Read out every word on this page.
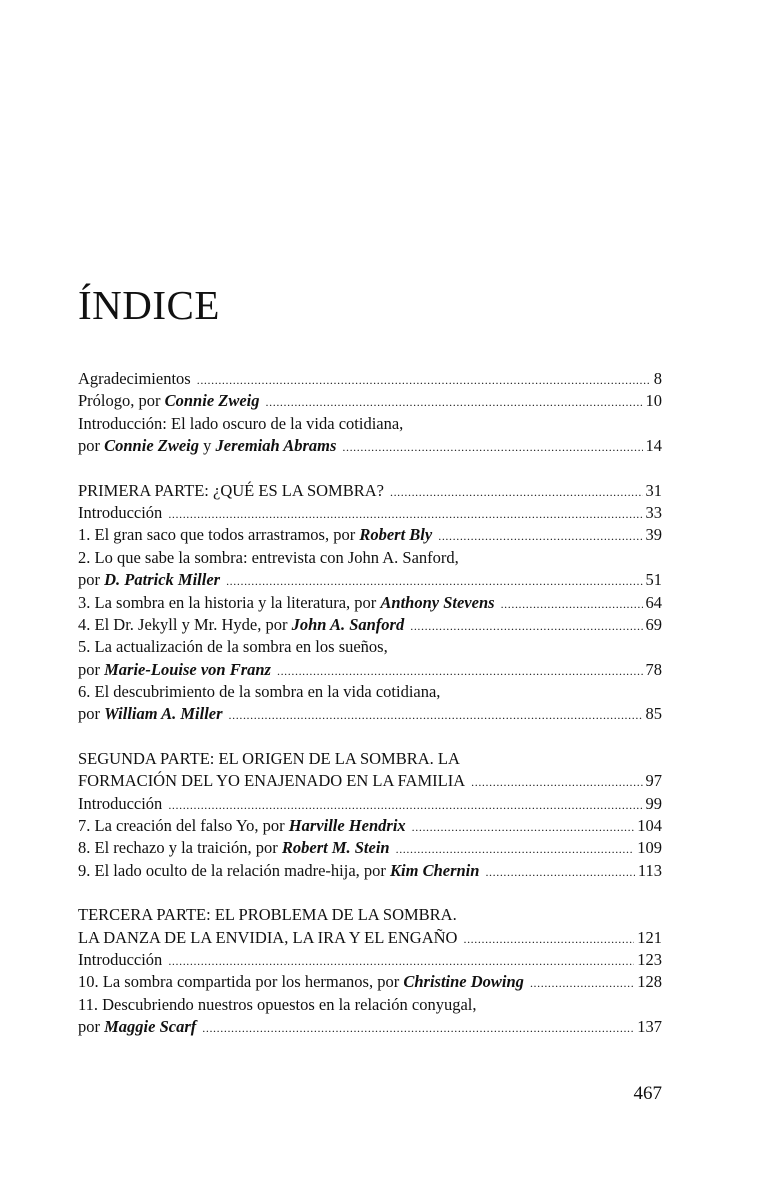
ÍNDICE
Agradecimientos .....	8
Prólogo, por Connie Zweig .....	10
Introducción: El lado oscuro de la vida cotidiana,
por Connie Zweig y Jeremiah Abrams .....	14
PRIMERA PARTE: ¿QUÉ ES LA SOMBRA? .....	31
Introducción .....	33
1. El gran saco que todos arrastramos, por Robert Bly .....	39
2. Lo que sabe la sombra: entrevista con John A. Sanford,
por D. Patrick Miller .....	51
3. La sombra en la historia y la literatura, por Anthony Stevens .....	64
4. El Dr. Jekyll y Mr. Hyde, por John A. Sanford .....	69
5. La actualización de la sombra en los sueños,
por Marie-Louise von Franz .....	78
6. El descubrimiento de la sombra en la vida cotidiana,
por William A. Miller .....	85
SEGUNDA PARTE: EL ORIGEN DE LA SOMBRA. LA
FORMACIÓN DEL YO ENAJENADO EN LA FAMILIA .....	97
Introducción .....	99
7. La creación del falso Yo, por Harville Hendrix .....	104
8. El rechazo y la traición, por Robert M. Stein .....	109
9. El lado oculto de la relación madre-hija, por Kim Chernin .....	113
TERCERA PARTE: EL PROBLEMA DE LA SOMBRA.
LA DANZA DE LA ENVIDIA, LA IRA Y EL ENGAÑO .....	121
Introducción .....	123
10. La sombra compartida por los hermanos, por Christine Dowing .....	128
11. Descubriendo nuestros opuestos en la relación conyugal,
por Maggie Scarf .....	137
467
